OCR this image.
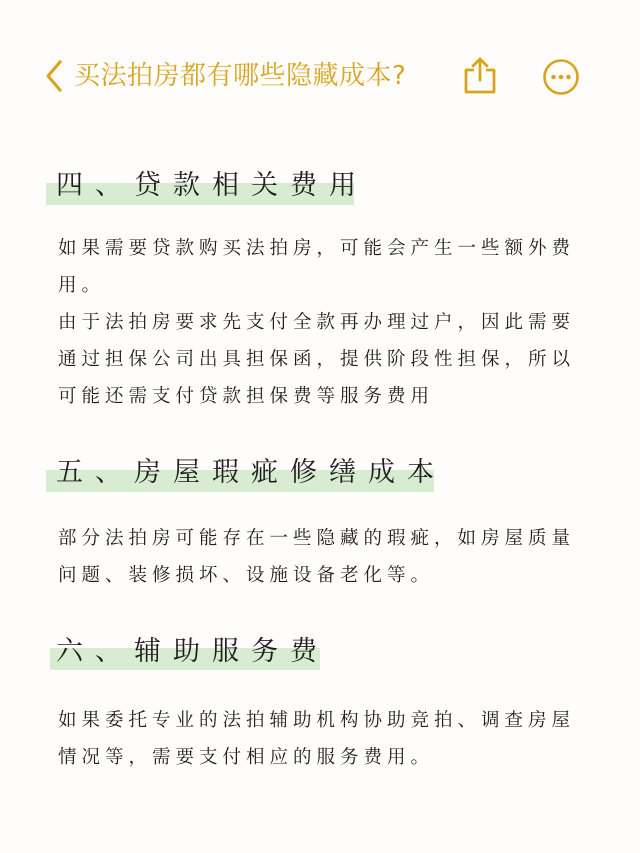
买法拍房都有哪些隐藏成本?
四、贷款相关费用

如果需要贷款购买法拍房，可能会产生一些额外费用。

由于法拍房要求先支付全款再办理过户，因此需要通过担保公司出具担保函，提供阶段性担保，所以可能还需支付贷款担保费等服务费用

五、房屋瑕疵修缮成本

部分法拍房可能存在一些隐藏的瑕疵，如房屋质量问题、装修损坏、设施设备老化等。

六、辅助服务费

如果委托专业的法拍辅助机构协助竞拍、调查房屋情况等，需要支付相应的服务费用。
